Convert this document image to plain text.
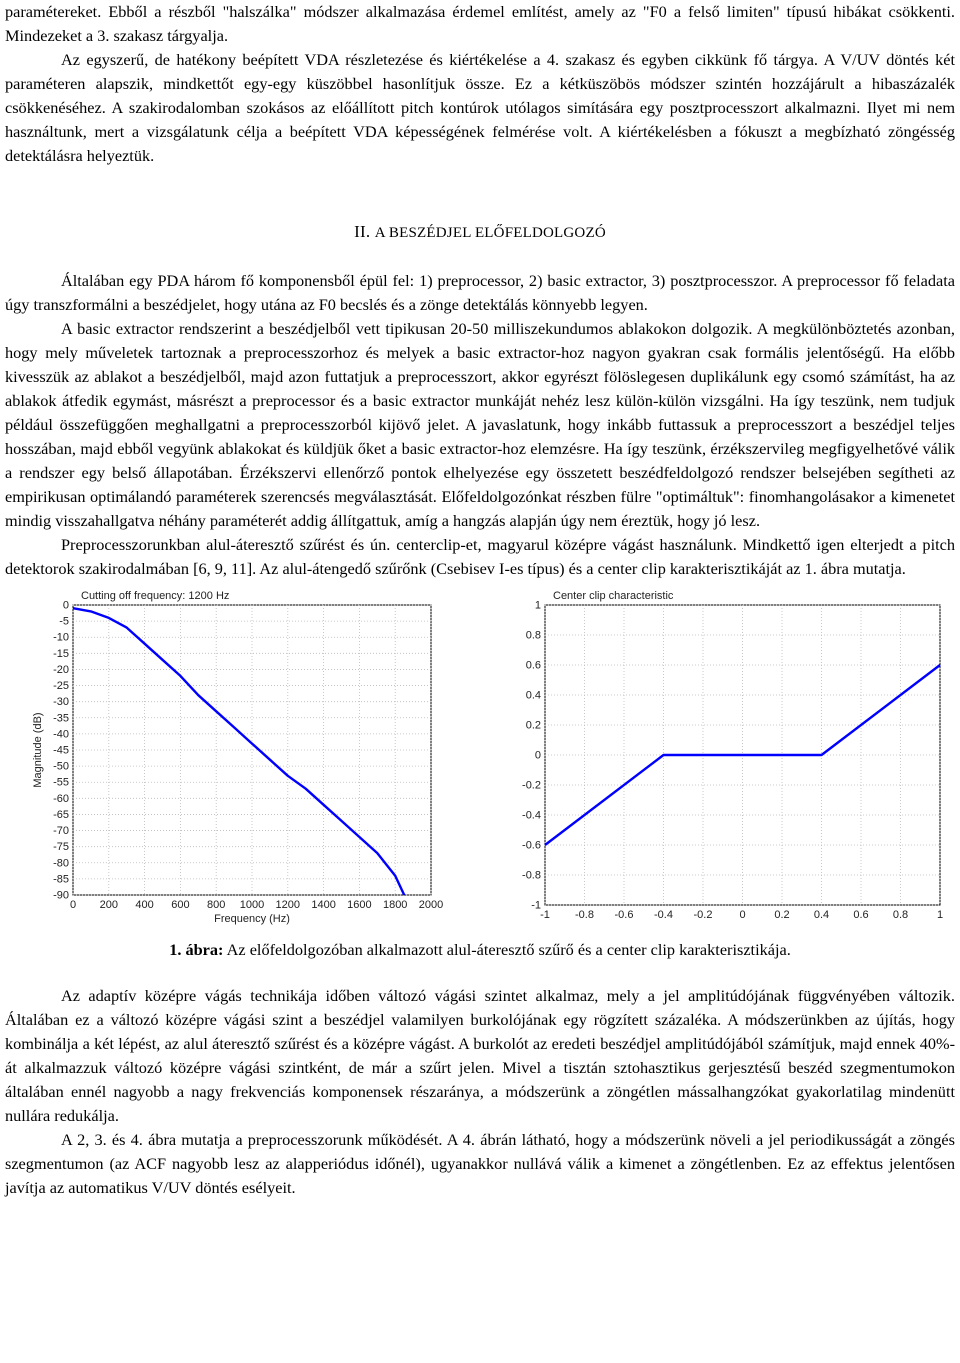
paramétereket. Ebből a részből "halszálka" módszer alkalmazása érdemel említést, amely az "F0 a felső limiten" típusú hibákat csökkenti. Mindezeket a 3. szakasz tárgyalja.

Az egyszerű, de hatékony beépített VDA részletezése és kiértékelése a 4. szakasz és egyben cikkünk fő tárgya. A V/UV döntés két paraméteren alapszik, mindkettőt egy-egy küszöbbel hasonlítjuk össze. Ez a kétküszöbös módszer szintén hozzájárult a hibaszázalék csökkenéséhez. A szakirodalomban szokásos az előállított pitch kontúrok utólagos simítására egy posztprocesszort alkalmazni. Ilyet mi nem használtunk, mert a vizsgálatunk célja a beépített VDA képességének felmérése volt. A kiértékelésben a fókuszt a megbízható zöngésség detektálásra helyeztük.

II. A BESZÉDJEL ELŐFELDOLGOZÓ

Általában egy PDA három fő komponensből épül fel: 1) preprocessor, 2) basic extractor, 3) posztprocesszor. A preprocessor fő feladata úgy transzformálni a beszédjelet, hogy utána az F0 becslés és a zönge detektálás könnyebb legyen.

A basic extractor rendszerint a beszédjelből vett tipikusan 20-50 milliszekundumos ablakokon dolgozik. A megkülönböztetés azonban, hogy mely műveletek tartoznak a preprocesszorhoz és melyek a basic extractor-hoz nagyon gyakran csak formális jelentőségű. Ha előbb kivesszük az ablakot a beszédjelből, majd azon futtatjuk a preprocesszort, akkor egyrészt fölöslegesen duplikálunk egy csomó számítást, ha az ablakok átfedik egymást, másrészt a preprocessor és a basic extractor munkáját nehéz lesz külön-külön vizsgálni. Ha így teszünk, nem tudjuk például összefüggően meghallgatni a preprocesszorból kijövő jelet. A javaslatunk, hogy inkább futtassuk a preprocesszort a beszédjel teljes hosszában, majd ebből vegyünk ablakokat és küldjük őket a basic extractor-hoz elemzésre. Ha így teszünk, érzékszervileg megfigyelhetővé válik a rendszer egy belső állapotában. Érzékszervi ellenőrző pontok elhelyezése egy összetett beszédfeldolgozó rendszer belsejében segítheti az empirikusan optimálandó paraméterek szerencsés megválasztását. Előfeldolgozónkat részben fülre "optimáltuk": finomhangolásakor a kimenetet mindig visszahallgatva néhány paraméterét addig állítgattuk, amíg a hangzás alapján úgy nem éreztük, hogy jó lesz.

Preprocesszorunkban alul-áteresztő szűrést és ún. centerclip-et, magyarul középre vágást használunk. Mindkettő igen elterjedt a pitch detektorok szakirodalmában [6, 9, 11]. Az alul-átengedő szűrőnk (Csebisev I-es típus) és a center clip karakterisztikáját az 1. ábra mutatja.

Cutting off frequency: 1200 Hz
0 200 400 600 800 1000 1200 1400 1600 1800 2000
0
-5
-10
-15
-20
-25
-30
-35
-40
-45
-50
-55
-60
-65
-70
-75
-80
-85
-90
Frequency (Hz)
Magnitude (dB)
Center clip characteristic
-1 -0.8 -0.6 -0.4 -0.2 0	0.2 0.4 0.6 0.8	1
1
0.8
0.6
0.4
0.2
0
-0.2
-0.4
-0.6
-0.8
-1

1. ábra: Az előfeldolgozóban alkalmazott alul-áteresztő szűrő és a center clip karakterisztikája.

Az adaptív középre vágás technikája időben változó vágási szintet alkalmaz, mely a jel amplitúdójának függvényében változik. Általában ez a változó középre vágási szint a beszédjel valamilyen burkolójának egy rögzített százaléka. A módszerünkben az újítás, hogy kombinálja a két lépést, az alul áteresztő szűrést és a középre vágást. A burkolót az eredeti beszédjel amplitúdójából számítjuk, majd ennek 40%-át alkalmazzuk változó középre vágási szintként, de már a szűrt jelen. Mivel a tisztán sztohasztikus gerjesztésű beszéd szegmentumokon általában ennél nagyobb a nagy frekvenciás komponensek részaránya, a módszerünk a zöngétlen mássalhangzókat gyakorlatilag mindenütt nullára redukálja.

A 2, 3. és 4. ábra mutatja a preprocesszorunk működését. A 4. ábrán látható, hogy a módszerünk növeli a jel periodikusságát a zöngés szegmentumon (az ACF nagyobb lesz az alapperiódus időnél), ugyanakkor nullává válik a kimenet a zöngétlenben. Ez az effektus jelentősen javítja az automatikus V/UV döntés esélyeit.
